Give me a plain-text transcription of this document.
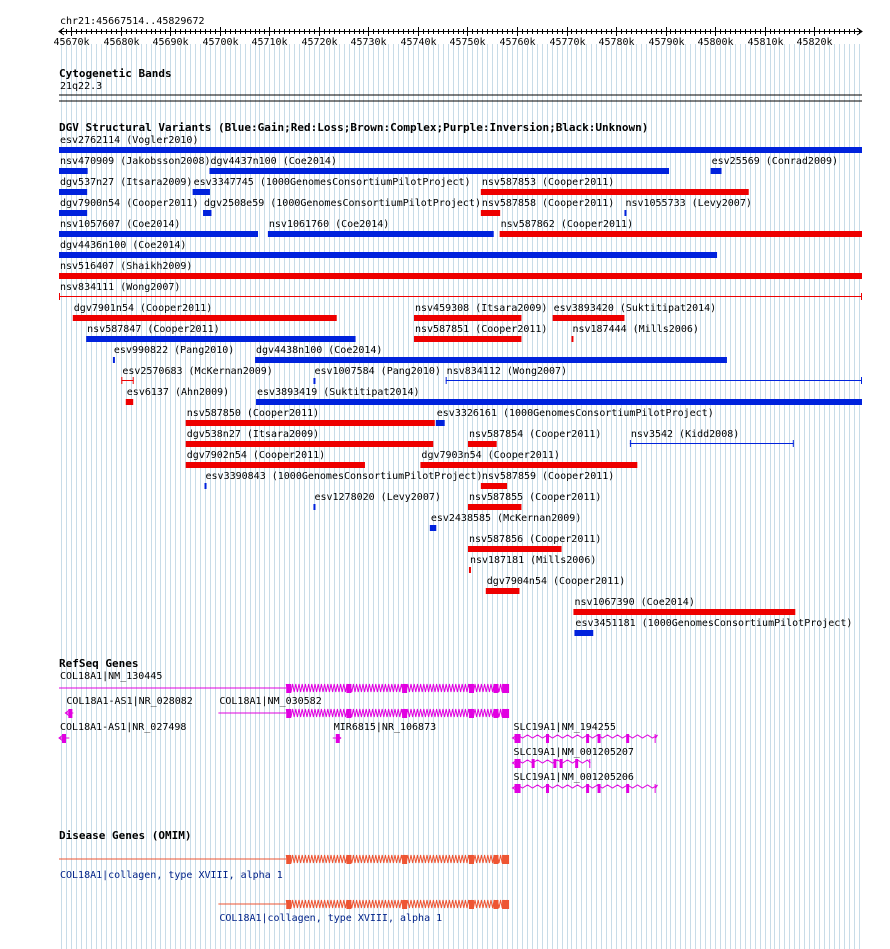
chr21:45667514..45829672
45670k 45680k 45690k 45700k 45710k 45720k 45730k 45740k 45750k 45760k 45770k 45780k 45790k 45800k 45810k 45820k
Cytogenetic Bands
21q22.3
DGV Structural Variants (Blue:Gain;Red:Loss;Brown:Complex;Purple:Inversion;Black:Unknown)
esv2762114 (Vogler2010)
nsv470909 (Jakobsson2008) dgv4437n100 (Coe2014)	esv25569 (Conrad2009)
dgv537n27 (Itsara2009) esv3347745 (1000GenomesConsortiumPilotProject) nsv587853 (Cooper2011)
dgv7900n54 (Cooper2011) dgv2508e59 (1000GenomesConsortiumPilotProject) nsv587858 (Cooper2011) nsv1055733 (Levy2007)
nsv1057607 (Coe2014)	nsv1061760 (Coe2014)	nsv587862 (Cooper2011)
dgv4436n100 (Coe2014)
nsv516407 (Shaikh2009)
nsv834111 (Wong2007)
dgv7901n54 (Cooper2011)	nsv459308 (Itsara2009) esv3893420 (Suktitipat2014)
nsv587847 (Cooper2011)	nsv587851 (Cooper2011)	nsv187444 (Mills2006)
esv990822 (Pang2010) dgv4438n100 (Coe2014)
esv2570683 (McKernan2009)	esv1007584 (Pang2010) nsv834112 (Wong2007)
esv6137 (Ahn2009)	esv3893419 (Suktitipat2014)
nsv587850 (Cooper2011)	esv3326161 (1000GenomesConsortiumPilotProject)
dgv538n27 (Itsara2009)	nsv587854 (Cooper2011)	nsv3542 (Kidd2008)
dgv7902n54 (Cooper2011)	dgv7903n54 (Cooper2011)
esv3390843 (1000GenomesConsortiumPilotProject) nsv587859 (Cooper2011)
esv1278020 (Levy2007)	nsv587855 (Cooper2011)
esv2438585 (McKernan2009)
nsv587856 (Cooper2011)
nsv187181 (Mills2006)
dgv7904n54 (Cooper2011)
nsv1067390 (Coe2014)
esv3451181 (1000GenomesConsortiumPilotProject)
RefSeq Genes
COL18A1|NM_130445
COL18A1-AS1|NR_028082	COL18A1|NM_030582
COL18A1-AS1|NR_027498	MIR6815|NR_106873	SLC19A1|NM_194255
SLC19A1|NM_001205207
SLC19A1|NM_001205206
Disease Genes (OMIM)
COL18A1|collagen, type XVIII, alpha 1
COL18A1|collagen, type XVIII, alpha 1
